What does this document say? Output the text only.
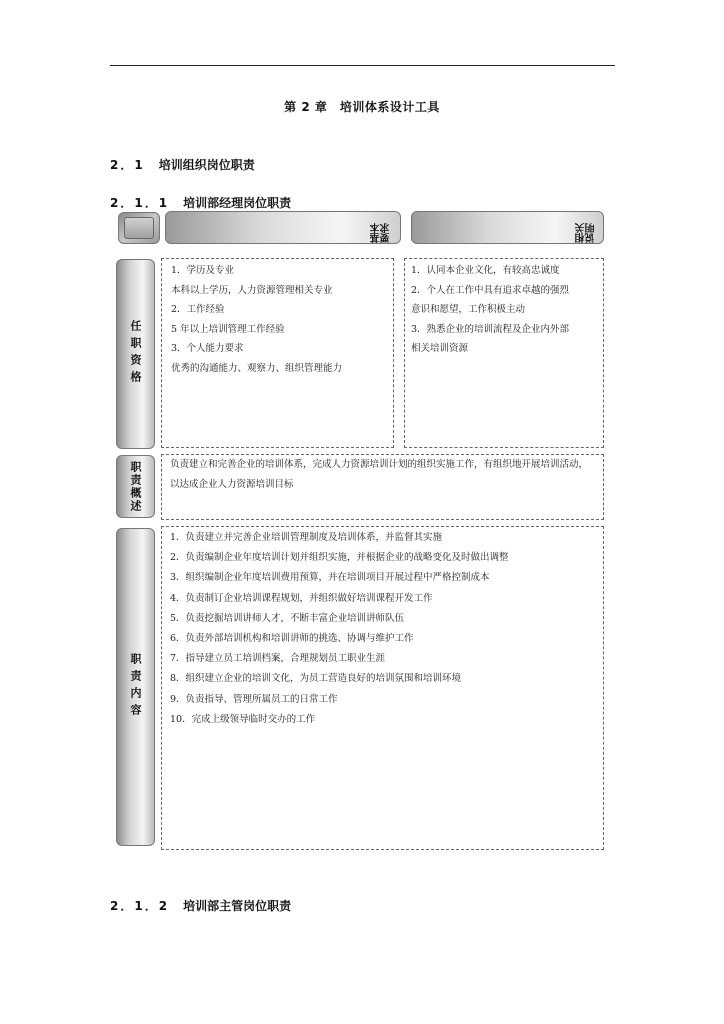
第 2 章　培训体系设计工具
2．1 培训组织岗位职责
2．1．1 培训部经理岗位职责
基本要求	相关说明
任职资格
1．学历及专业
本科以上学历，人力资源管理相关专业
2．工作经验
5 年以上培训管理工作经验
3．个人能力要求
优秀的沟通能力、观察力、组织管理能力
1．认同本企业文化，有较高忠诚度
2．个人在工作中具有追求卓越的强烈
意识和愿望，工作积极主动
3．熟悉企业的培训流程及企业内外部
相关培训资源
职责概述	负责建立和完善企业的培训体系，完成人力资源培训计划的组织实施工作，有组织地开展培训活动，以达成企业人力资源培训目标

职责内容
1．负责建立并完善企业培训管理制度及培训体系，并监督其实施
2．负责编制企业年度培训计划并组织实施，并根据企业的战略变化及时做出调整
3．组织编制企业年度培训费用预算，并在培训项目开展过程中严格控制成本
4．负责制订企业培训课程规划，并组织做好培训课程开发工作
5．负责挖掘培训讲师人才，不断丰富企业培训讲师队伍
6．负责外部培训机构和培训讲师的挑选、协调与维护工作
7．指导建立员工培训档案，合理规划员工职业生涯
8．组织建立企业的培训文化，为员工营造良好的培训氛围和培训环境
9．负责指导、管理所属员工的日常工作
10．完成上级领导临时交办的工作
2．1．2 培训部主管岗位职责
